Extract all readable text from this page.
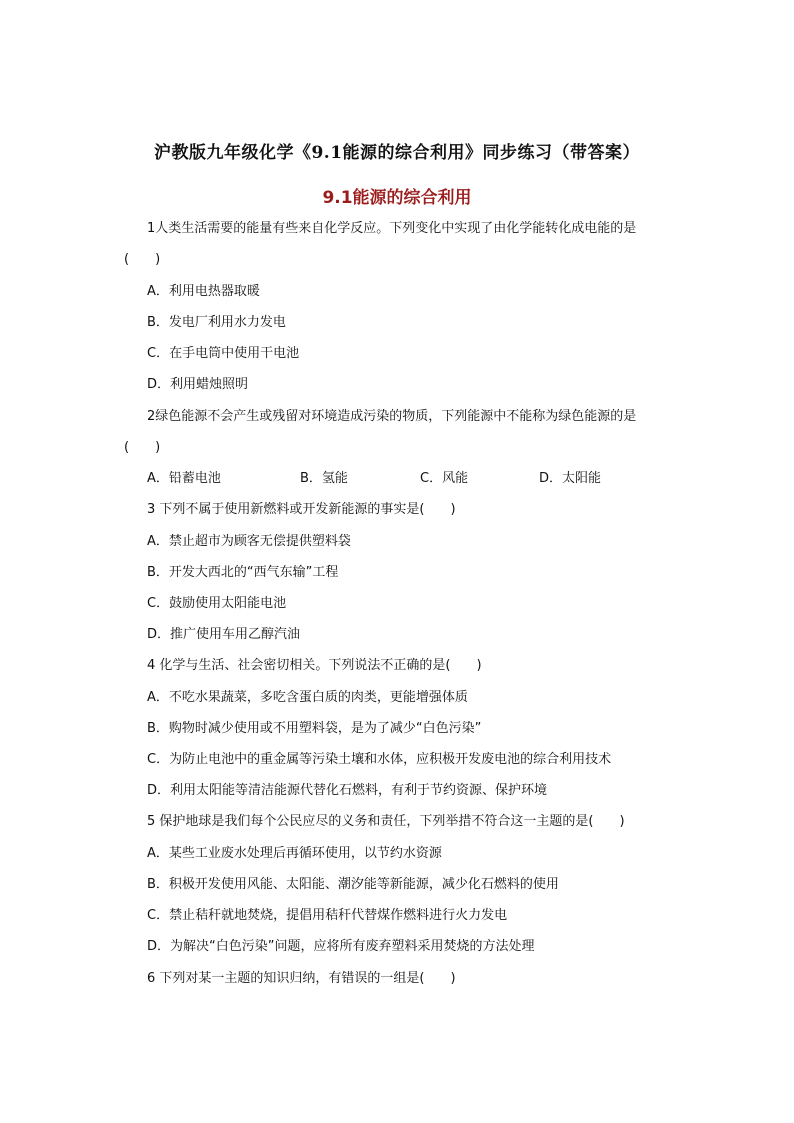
沪教版九年级化学《9.1能源的综合利用》同步练习（带答案）
9.1能源的综合利用
1人类生活需要的能量有些来自化学反应。下列变化中实现了由化学能转化成电能的是
(　　)
A．利用电热器取暖
B．发电厂利用水力发电
C．在手电筒中使用干电池
D．利用蜡烛照明
2绿色能源不会产生或残留对环境造成污染的物质，下列能源中不能称为绿色能源的是
(　　)
A．铅蓄电池	B．氢能	C．风能	D．太阳能
3 下列不属于使用新燃料或开发新能源的事实是(　　)
A．禁止超市为顾客无偿提供塑料袋
B．开发大西北的“西气东输”工程
C．鼓励使用太阳能电池
D．推广使用车用乙醇汽油
4 化学与生活、社会密切相关。下列说法不正确的是(　　)
A．不吃水果蔬菜，多吃含蛋白质的肉类，更能增强体质
B．购物时减少使用或不用塑料袋，是为了减少“白色污染”
C．为防止电池中的重金属等污染土壤和水体，应积极开发废电池的综合利用技术
D．利用太阳能等清洁能源代替化石燃料，有利于节约资源、保护环境
5 保护地球是我们每个公民应尽的义务和责任，下列举措不符合这一主题的是(　　)
A．某些工业废水处理后再循环使用，以节约水资源
B．积极开发使用风能、太阳能、潮汐能等新能源，减少化石燃料的使用
C．禁止秸秆就地焚烧，提倡用秸秆代替煤作燃料进行火力发电
D．为解决“白色污染”问题，应将所有废弃塑料采用焚烧的方法处理
6 下列对某一主题的知识归纳，有错误的一组是(　　)
